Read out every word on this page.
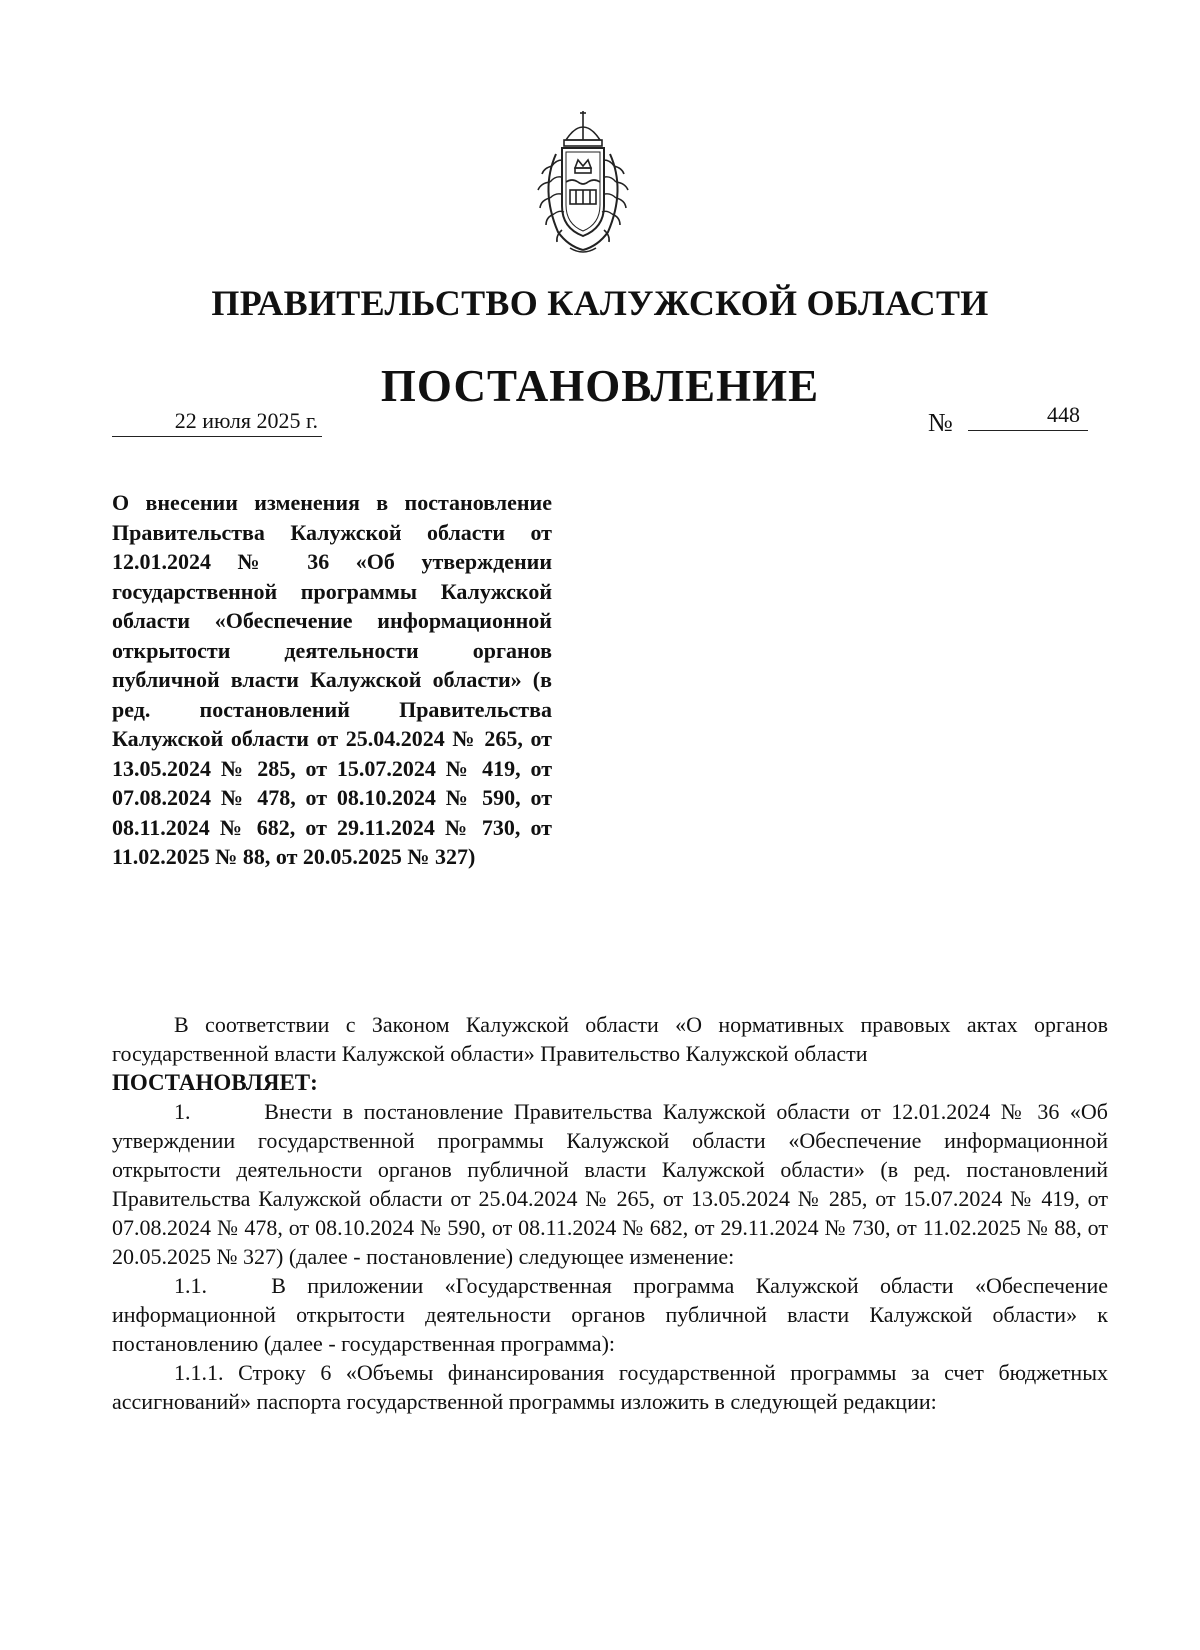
ПРАВИТЕЛЬСТВО КАЛУЖСКОЙ ОБЛАСТИ
ПОСТАНОВЛЕНИЕ
22 июля 2025 г.	№	448
О внесении изменения в постановление Правительства Калужской области от 12.01.2024 № 36 «Об утверждении государственной программы Калужской области «Обеспечение информационной открытости деятельности органов публичной власти Калужской области» (в ред. постановлений Правительства Калужской области от 25.04.2024 № 265, от 13.05.2024 № 285, от 15.07.2024 № 419, от 07.08.2024 № 478, от 08.10.2024 № 590, от 08.11.2024 № 682, от 29.11.2024 № 730, от 11.02.2025 № 88, от 20.05.2025 № 327)

В соответствии с Законом Калужской области «О нормативных правовых актах органов государственной власти Калужской области» Правительство Калужской области

ПОСТАНОВЛЯЕТ:

1.       Внести в постановление Правительства Калужской области от 12.01.2024 № 36 «Об утверждении государственной программы Калужской области «Обеспечение информационной открытости деятельности органов публичной власти Калужской области» (в ред. постановлений Правительства Калужской области от 25.04.2024 № 265, от 13.05.2024 № 285, от 15.07.2024 № 419, от 07.08.2024 № 478, от 08.10.2024 № 590, от 08.11.2024 № 682, от 29.11.2024 № 730, от 11.02.2025 № 88, от 20.05.2025 № 327) (далее - постановление) следующее изменение:

1.1.   В приложении «Государственная программа Калужской области «Обеспечение информационной открытости деятельности органов публичной власти Калужской области» к постановлению (далее - государственная программа):

1.1.1. Строку 6 «Объемы финансирования государственной программы за счет бюджетных ассигнований» паспорта государственной программы изложить в следующей редакции:
